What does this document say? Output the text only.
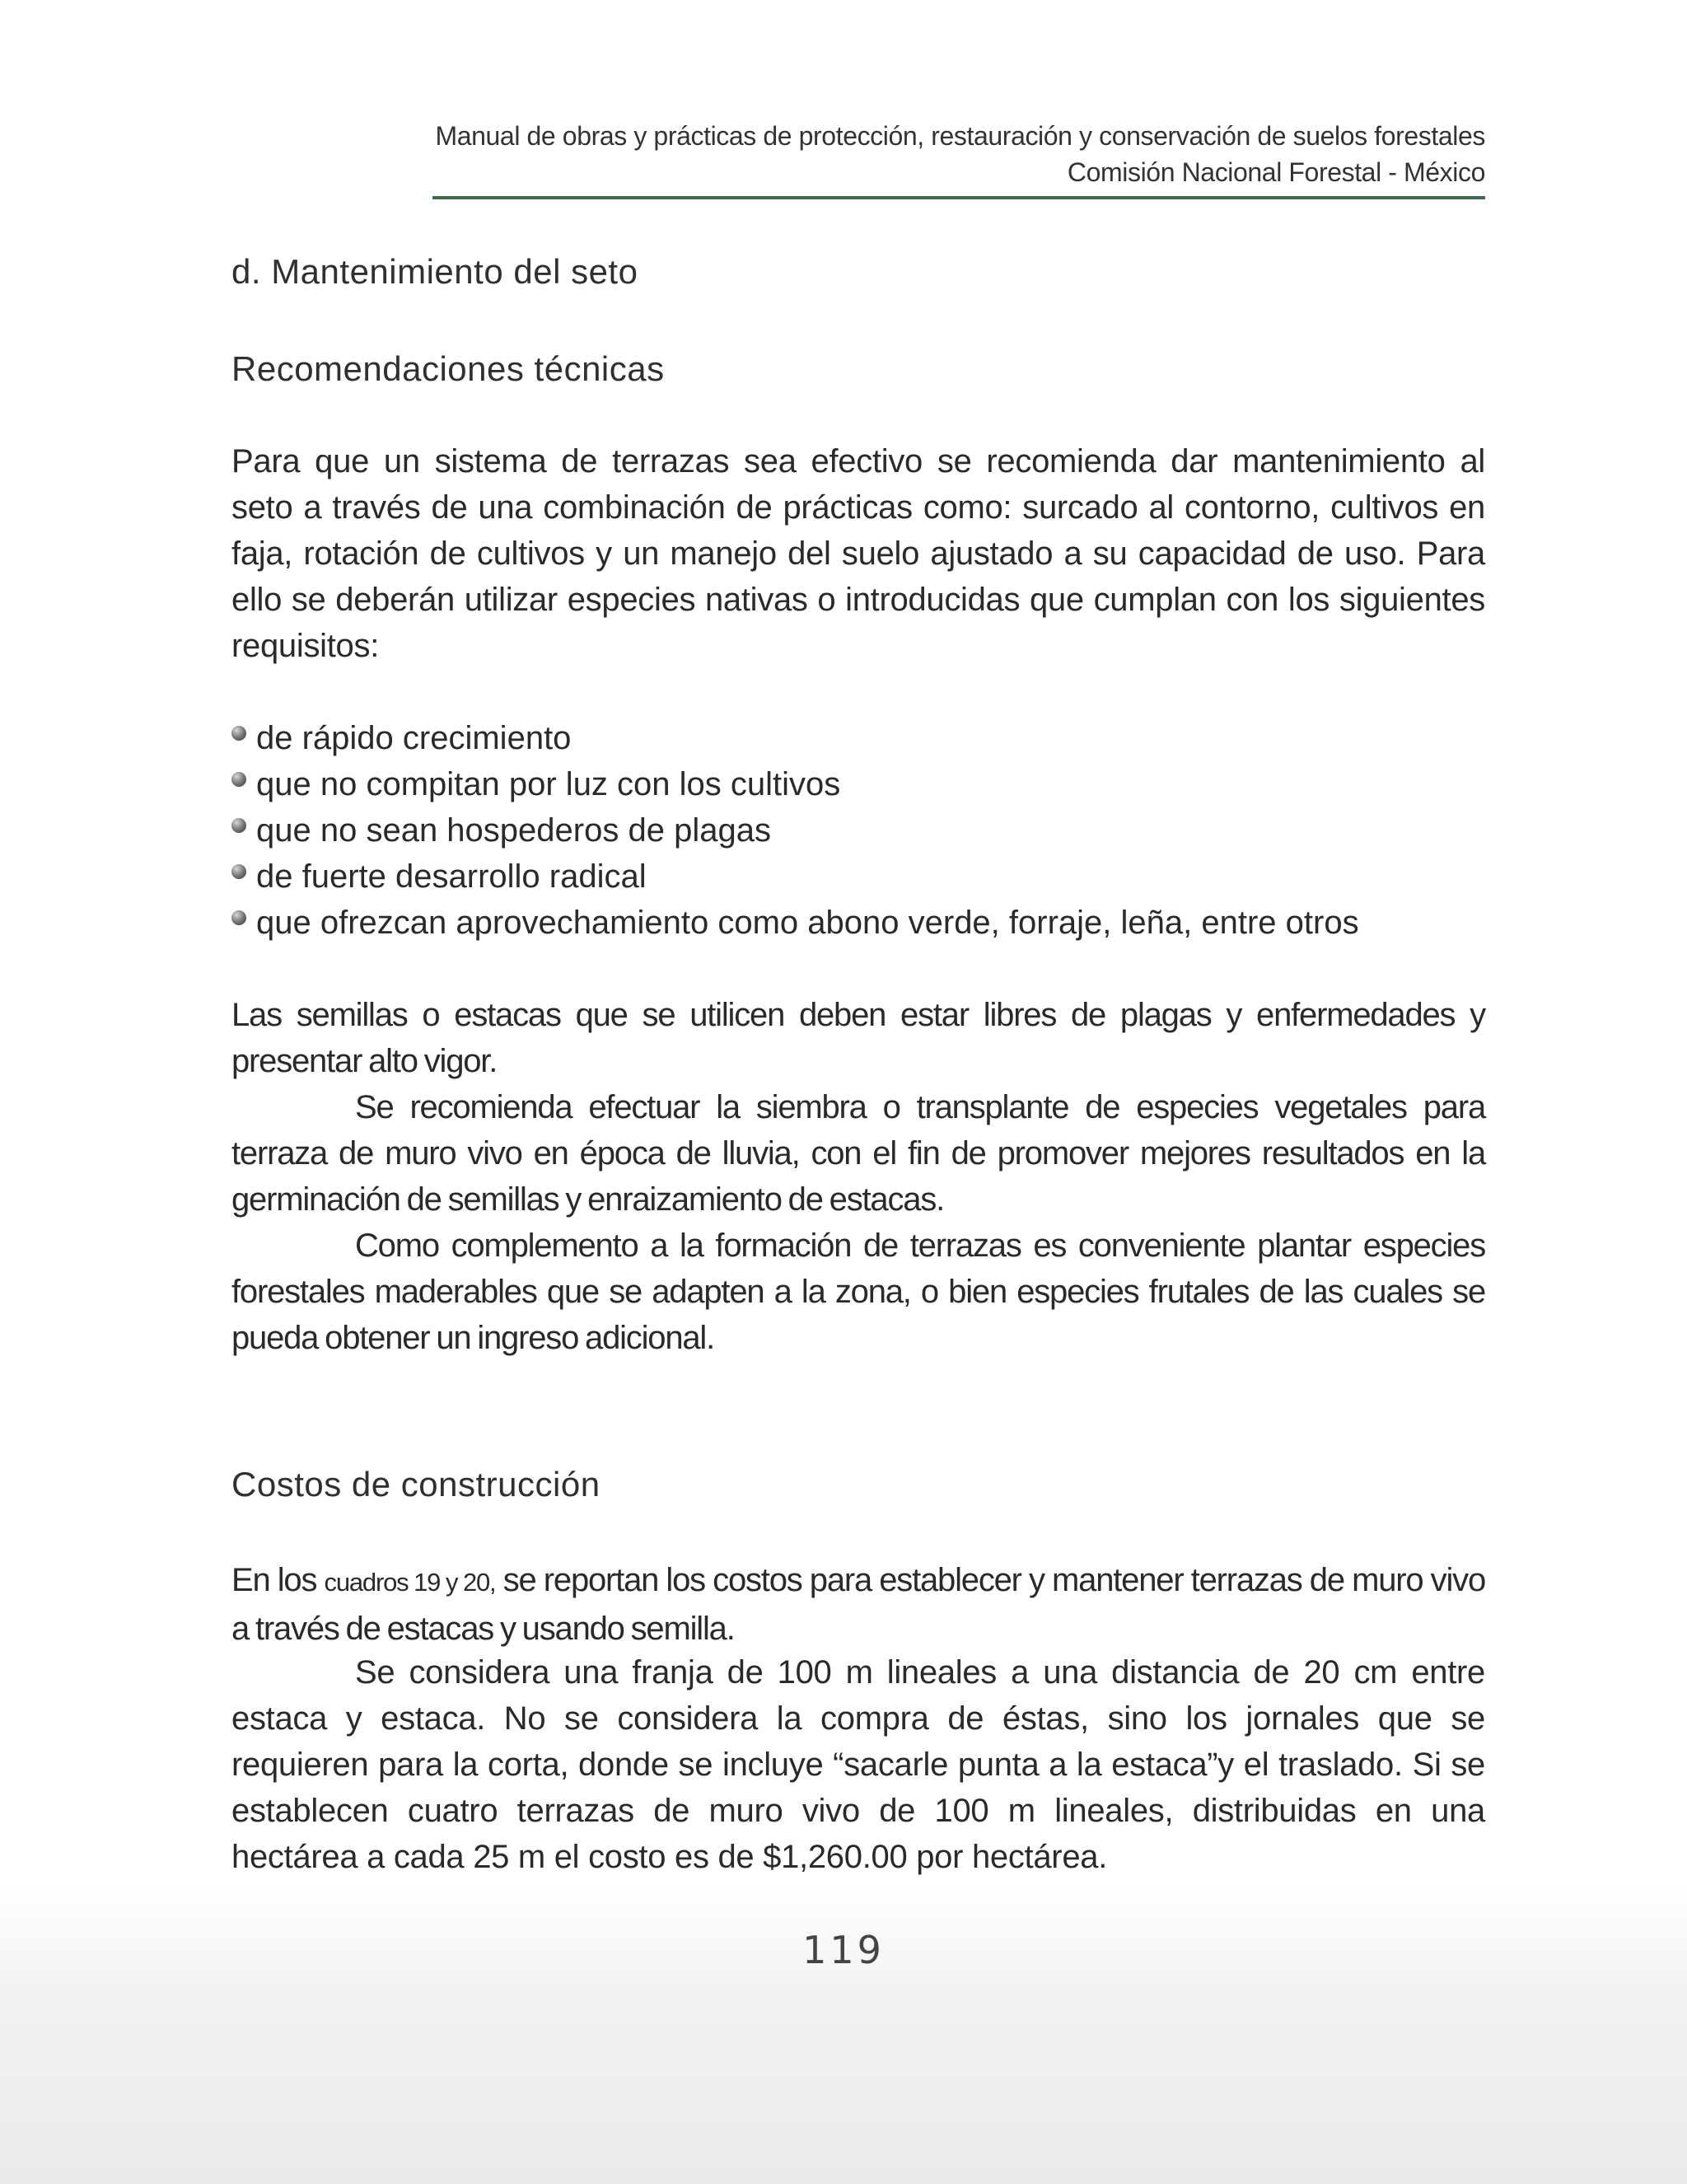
Manual de obras y prácticas de protección, restauración y conservación de suelos forestales
Comisión Nacional Forestal - México
d. Mantenimiento del seto
Recomendaciones técnicas
Para que un sistema de terrazas sea efectivo se recomienda dar mantenimiento al seto a través de una combinación de prácticas como: surcado al contorno, cultivos en faja, rotación de cultivos y un manejo del suelo ajustado a su capacidad de uso. Para ello se deberán utilizar especies nativas o introducidas que cumplan con los siguientes requisitos:
de rápido crecimiento
que no compitan por luz con los cultivos
que no sean hospederos de plagas
de fuerte desarrollo radical
que ofrezcan aprovechamiento como abono verde, forraje, leña, entre otros
Las semillas o estacas que se utilicen deben estar libres de plagas y enfermedades y presentar alto vigor.
Se recomienda efectuar la siembra o transplante de especies vegetales para terraza de muro vivo en época de lluvia, con el fin de promover mejores resultados en la germinación de semillas y enraizamiento de estacas.
Como complemento a la formación de terrazas es conveniente plantar especies forestales maderables que se adapten a la zona, o bien especies frutales de las cuales se pueda obtener un ingreso adicional.
Costos de construcción
En los cuadros 19 y 20, se reportan los costos para establecer y mantener terrazas de muro vivo a través de estacas y usando semilla.
Se considera una franja de 100 m lineales a una distancia de 20 cm entre estaca y estaca. No se considera la compra de éstas, sino los jornales que se requieren para la corta, donde se incluye “sacarle punta a la estaca”y el traslado. Si se establecen cuatro terrazas de muro vivo de 100 m lineales, distribuidas en una hectárea a cada 25 m el costo es de $1,260.00 por hectárea.
119
